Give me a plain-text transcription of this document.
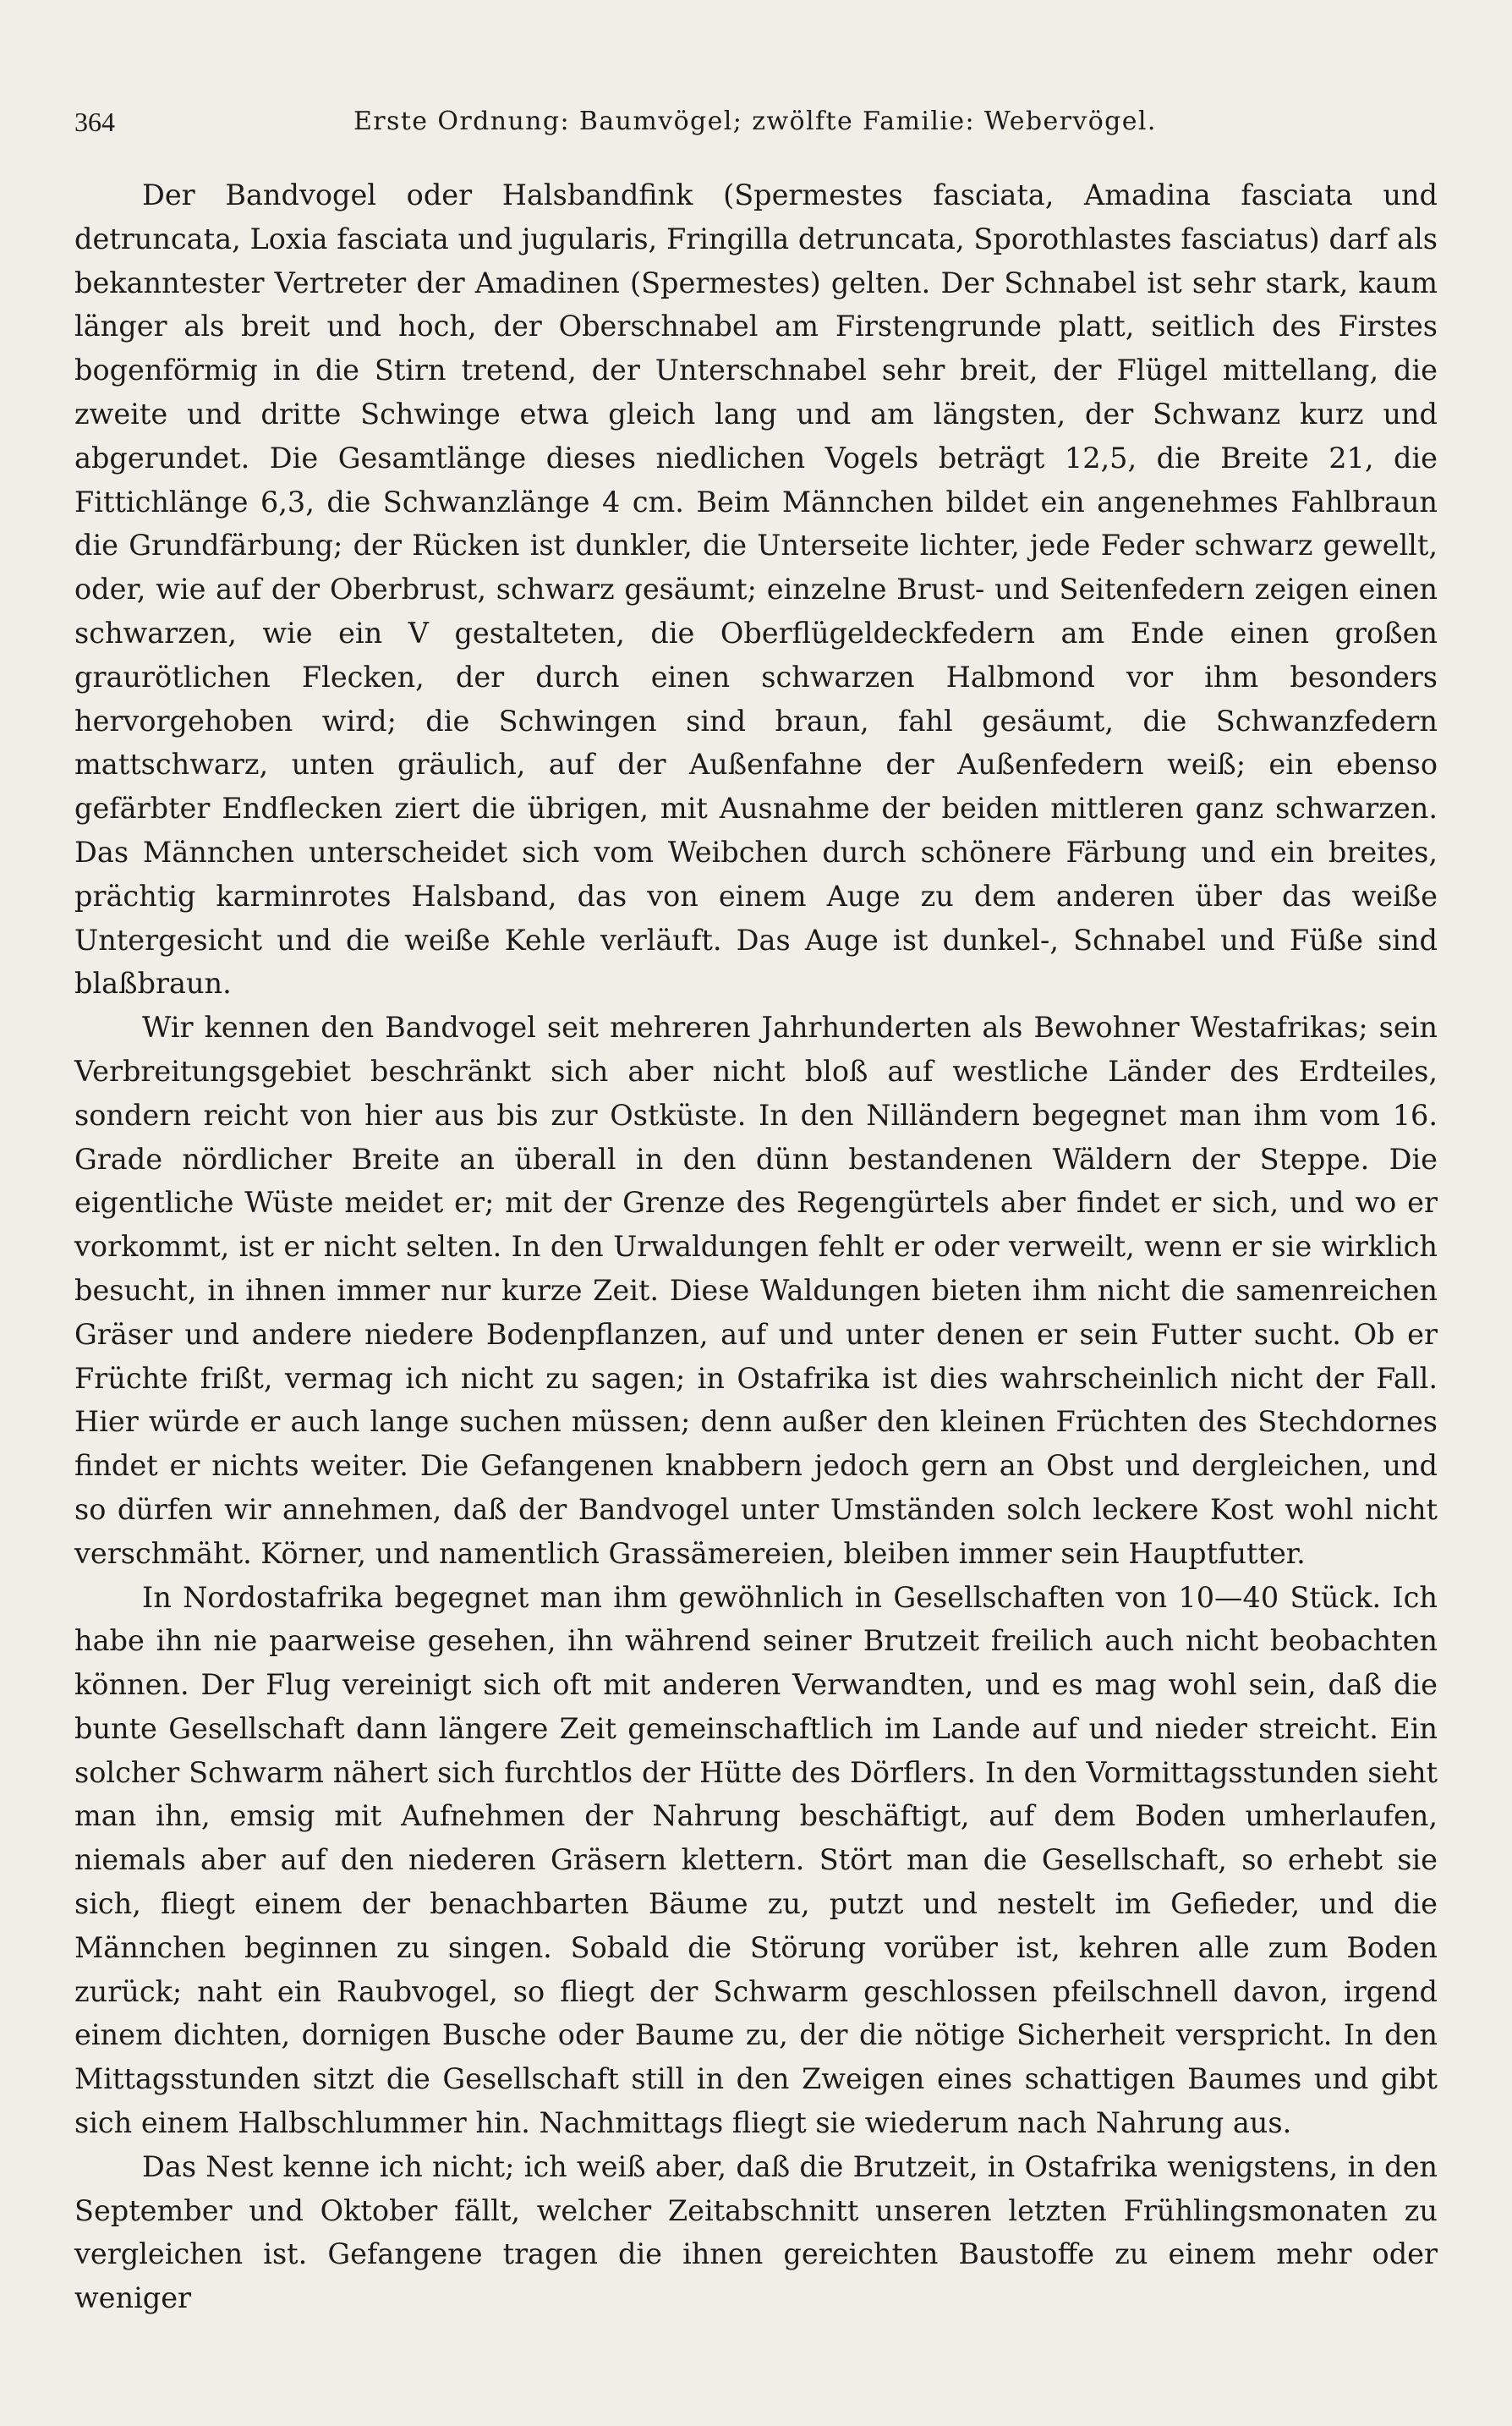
364	Erste Ordnung: Baumvögel; zwölfte Familie: Webervögel.

Der Bandvogel oder Halsbandfink (Spermestes fasciata, Amadina fasciata und detruncata, Loxia fasciata und jugularis, Fringilla detruncata, Sporothlastes fasciatus) darf als bekanntester Vertreter der Amadinen (Spermestes) gelten. Der Schnabel ist sehr stark, kaum länger als breit und hoch, der Oberschnabel am Firstengrunde platt, seitlich des Firstes bogenförmig in die Stirn tretend, der Unterschnabel sehr breit, der Flügel mittellang, die zweite und dritte Schwinge etwa gleich lang und am längsten, der Schwanz kurz und abgerundet. Die Gesamtlänge dieses niedlichen Vogels beträgt 12,5, die Breite 21, die Fittichlänge 6,3, die Schwanzlänge 4 cm. Beim Männchen bildet ein angenehmes Fahlbraun die Grundfärbung; der Rücken ist dunkler, die Unterseite lichter, jede Feder schwarz gewellt, oder, wie auf der Oberbrust, schwarz gesäumt; einzelne Brust- und Seitenfedern zeigen einen schwarzen, wie ein V gestalteten, die Oberflügeldeckfedern am Ende einen großen graurötlichen Flecken, der durch einen schwarzen Halbmond vor ihm besonders hervorgehoben wird; die Schwingen sind braun, fahl gesäumt, die Schwanzfedern mattschwarz, unten gräulich, auf der Außenfahne der Außenfedern weiß; ein ebenso gefärbter Endflecken ziert die übrigen, mit Ausnahme der beiden mittleren ganz schwarzen. Das Männchen unterscheidet sich vom Weibchen durch schönere Färbung und ein breites, prächtig karminrotes Halsband, das von einem Auge zu dem anderen über das weiße Untergesicht und die weiße Kehle verläuft. Das Auge ist dunkel-, Schnabel und Füße sind blaßbraun.

Wir kennen den Bandvogel seit mehreren Jahrhunderten als Bewohner Westafrikas; sein Verbreitungsgebiet beschränkt sich aber nicht bloß auf westliche Länder des Erdteiles, sondern reicht von hier aus bis zur Ostküste. In den Nilländern begegnet man ihm vom 16. Grade nördlicher Breite an überall in den dünn bestandenen Wäldern der Steppe. Die eigentliche Wüste meidet er; mit der Grenze des Regengürtels aber findet er sich, und wo er vorkommt, ist er nicht selten. In den Urwaldungen fehlt er oder verweilt, wenn er sie wirklich besucht, in ihnen immer nur kurze Zeit. Diese Waldungen bieten ihm nicht die samenreichen Gräser und andere niedere Bodenpflanzen, auf und unter denen er sein Futter sucht. Ob er Früchte frißt, vermag ich nicht zu sagen; in Ostafrika ist dies wahrscheinlich nicht der Fall. Hier würde er auch lange suchen müssen; denn außer den kleinen Früchten des Stechdornes findet er nichts weiter. Die Gefangenen knabbern jedoch gern an Obst und dergleichen, und so dürfen wir annehmen, daß der Bandvogel unter Umständen solch leckere Kost wohl nicht verschmäht. Körner, und namentlich Grassämereien, bleiben immer sein Hauptfutter.

In Nordostafrika begegnet man ihm gewöhnlich in Gesellschaften von 10—40 Stück. Ich habe ihn nie paarweise gesehen, ihn während seiner Brutzeit freilich auch nicht beobachten können. Der Flug vereinigt sich oft mit anderen Verwandten, und es mag wohl sein, daß die bunte Gesellschaft dann längere Zeit gemeinschaftlich im Lande auf und nieder streicht. Ein solcher Schwarm nähert sich furchtlos der Hütte des Dörflers. In den Vormittagsstunden sieht man ihn, emsig mit Aufnehmen der Nahrung beschäftigt, auf dem Boden umherlaufen, niemals aber auf den niederen Gräsern klettern. Stört man die Gesellschaft, so erhebt sie sich, fliegt einem der benachbarten Bäume zu, putzt und nestelt im Gefieder, und die Männchen beginnen zu singen. Sobald die Störung vorüber ist, kehren alle zum Boden zurück; naht ein Raubvogel, so fliegt der Schwarm geschlossen pfeilschnell davon, irgend einem dichten, dornigen Busche oder Baume zu, der die nötige Sicherheit verspricht. In den Mittagsstunden sitzt die Gesellschaft still in den Zweigen eines schattigen Baumes und gibt sich einem Halbschlummer hin. Nachmittags fliegt sie wiederum nach Nahrung aus.

Das Nest kenne ich nicht; ich weiß aber, daß die Brutzeit, in Ostafrika wenigstens, in den September und Oktober fällt, welcher Zeitabschnitt unseren letzten Frühlingsmonaten zu vergleichen ist. Gefangene tragen die ihnen gereichten Baustoffe zu einem mehr oder weniger
